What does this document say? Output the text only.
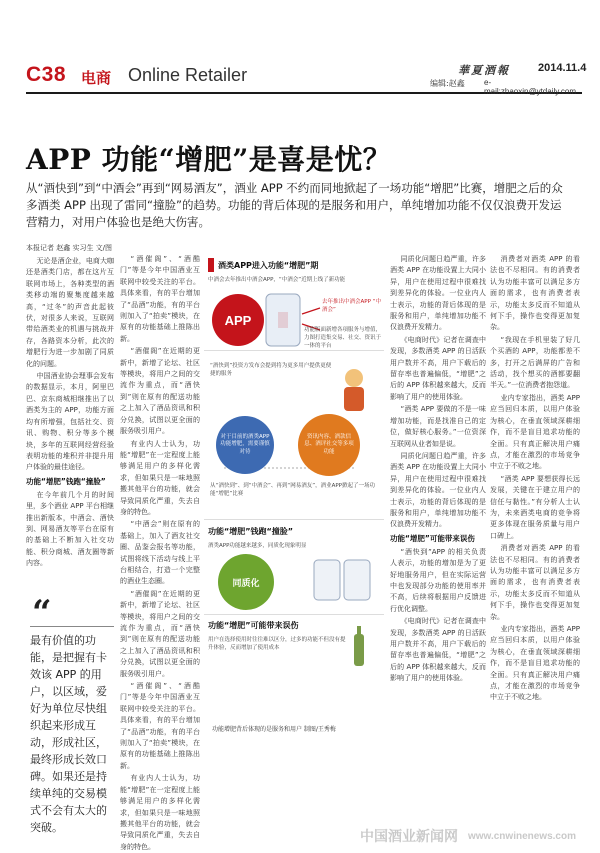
C38 电商 Online Retailer	華夏酒報	2014.11.4
编辑:赵鑫 e-mail:zhaoxin@ytdaily.com
APP 功能“增肥”是喜是忧？
从“酒快到”到“中酒会”再到“网易酒友”，酒业 APP 不约而同地掀起了一场功能“增肥”比赛，增肥之后的众多酒类 APP 出现了雷同“撞脸”的趋势。功能的背后体现的是服务和用户，单纯增加功能不仅仅浪费开发运营精力，对用户体验也是绝大伤害。
本报记者 赵鑫 实习生 文/图

无论是酒企业，电商大咖还是酒类门店，都在这片互联网市场上，各种类型的酒类移动端的聚集度越来越高，“过冬”的声音此起彼伏，对很多人来说，互联网带给酒类业的机遇与挑战并存，各路资本分析，此次的增肥行为进一步加剧了同质化的问题。

中国酒业协会理事会发布的数据显示，本月，阿里巴巴、京东商城相继推出了以酒类为主的 APP，功能方面均有所增强，包括社交、资讯、购物、积分等多个模块，多年的互联网经营经验表明功能的堆积并非提升用户体验的最佳途径。

功能“增肥”钱跑“撞脸”

在今年前几个月的时间里，多个酒业 APP 平台相继推出新版本，中酒会、酒快到、网易酒友等平台在原有的基础上不断加入社交功能、积分商城、酒友圈等新内容。

“
最有价值的功能，是把握有卡效该 APP 的用户，以区域，爱好为单位尽快组织起来形成互动，形成社区，最终形成长效口碑。如果还是持续单纯的交易模式不会有太大的突破。

“酒催阁”、“酒酷门”等是今年中国酒业互联网中较受关注的平台。具体来看，有的平台增加了“品酒”功能，有的平台则加入了“拍卖”模块，在原有的功能基础上推陈出新。

“酒催阁”在近期的更新中，新增了论坛、社区等模块，将用户之间的交流作为重点，而“酒快到”则在原有的配送功能之上加入了酒品资讯和积分兑换，试图以更全面的服务吸引用户。

有业内人士认为，功能“增肥”在一定程度上能够满足用户的多样化需求，但如果只是一味地照搬其他平台的功能，就会导致同质化严重，失去自身的特色。

“中酒会”则在原有的基础上，加入了酒友社交圈、品鉴会报名等功能，试图将线下活动与线上平台相结合，打造一个完整的酒业生态圈。

“酒催阁”在近期的更新中，新增了论坛、社区等模块，将用户之间的交流作为重点，而“酒快到”则在原有的配送功能之上加入了酒品资讯和积分兑换，试图以更全面的服务吸引用户。

“酒催阁”、“酒酷门”等是今年中国酒业互联网中较受关注的平台。具体来看，有的平台增加了“品酒”功能，有的平台则加入了“拍卖”模块，在原有的功能基础上推陈出新。

有业内人士认为，功能“增肥”在一定程度上能够满足用户的多样化需求，但如果只是一味地照搬其他平台的功能，就会导致同质化严重，失去自身的特色。

酒类APP进入功能“增肥”期
中酒会去年推出中酒会APP，“中酒会”近期上线了新功能
APP
去年推出中酒会APP “中酒会”
功能版面新增各项服务与增值，力图打造集交易、社交、资讯于一体的平台
“酒快到”投资方发布会提到将为更多用户提供更便捷的服务
对于目前的酒类APP功能增肥，需要谨慎对待
资讯内容、酒款信息、酒评社交等多项功能
从“酒快到”、到“中酒会”、再到“网易酒友”，酒业APP掀起了一场功能“增肥”比赛
功能“增肥”钱跑“撞脸”
酒类APP功能越来越多，同质化现象明显
同质化
功能“增肥”可能带来误伤
用户在选择使用时往往难以区分，过多的功能不但没有提升体验，反而增加了使用成本
功能增肥背后体现的是服务和用户 制图/王秀梅

同质化问题日趋严重，许多酒类 APP 在功能设置上大同小异，用户在使用过程中很难找到差异化的体验。一位业内人士表示，功能的背后体现的是服务和用户，单纯增加功能不仅浪费开发精力。

《电商时代》记者在调查中发现，多数酒类 APP 的日活跃用户数并不高，用户下载后的留存率也普遍偏低，“增肥”之后的 APP 体积越来越大，反而影响了用户的使用体验。

“酒类 APP 要做的不是一味增加功能，而是找准自己的定位，做好核心服务。”一位资深互联网从业者如是说。

同质化问题日趋严重，许多酒类 APP 在功能设置上大同小异，用户在使用过程中很难找到差异化的体验。一位业内人士表示，功能的背后体现的是服务和用户，单纯增加功能不仅浪费开发精力。

功能“增肥”可能带来误伤

“酒快到”APP 的相关负责人表示，功能的增加是为了更好地服务用户，但在实际运营中也发现部分功能的使用率并不高，后续将根据用户反馈进行优化调整。

《电商时代》记者在调查中发现，多数酒类 APP 的日活跃用户数并不高，用户下载后的留存率也普遍偏低，“增肥”之后的 APP 体积越来越大，反而影响了用户的使用体验。

消费者对酒类 APP 的看法也不尽相同。有的消费者认为功能丰富可以满足多方面的需求，也有消费者表示，功能太多反而不知道从何下手，操作也变得更加复杂。

“我现在手机里装了好几个买酒的 APP，功能都差不多，打开之后满屏的广告和活动，找个想买的酒都要翻半天。”一位消费者抱怨道。

业内专家指出，酒类 APP 应当回归本质，以用户体验为核心，在垂直领域深耕细作，而不是盲目追求功能的全面。只有真正解决用户痛点，才能在激烈的市场竞争中立于不败之地。

“酒类 APP 要想获得长远发展，关键在于建立用户的信任与黏性。”有分析人士认为，未来酒类电商的竞争将更多体现在服务质量与用户口碑上。

消费者对酒类 APP 的看法也不尽相同。有的消费者认为功能丰富可以满足多方面的需求，也有消费者表示，功能太多反而不知道从何下手，操作也变得更加复杂。

业内专家指出，酒类 APP 应当回归本质，以用户体验为核心，在垂直领域深耕细作，而不是盲目追求功能的全面。只有真正解决用户痛点，才能在激烈的市场竞争中立于不败之地。

中国酒业新闻网 www.cnwinenews.com
